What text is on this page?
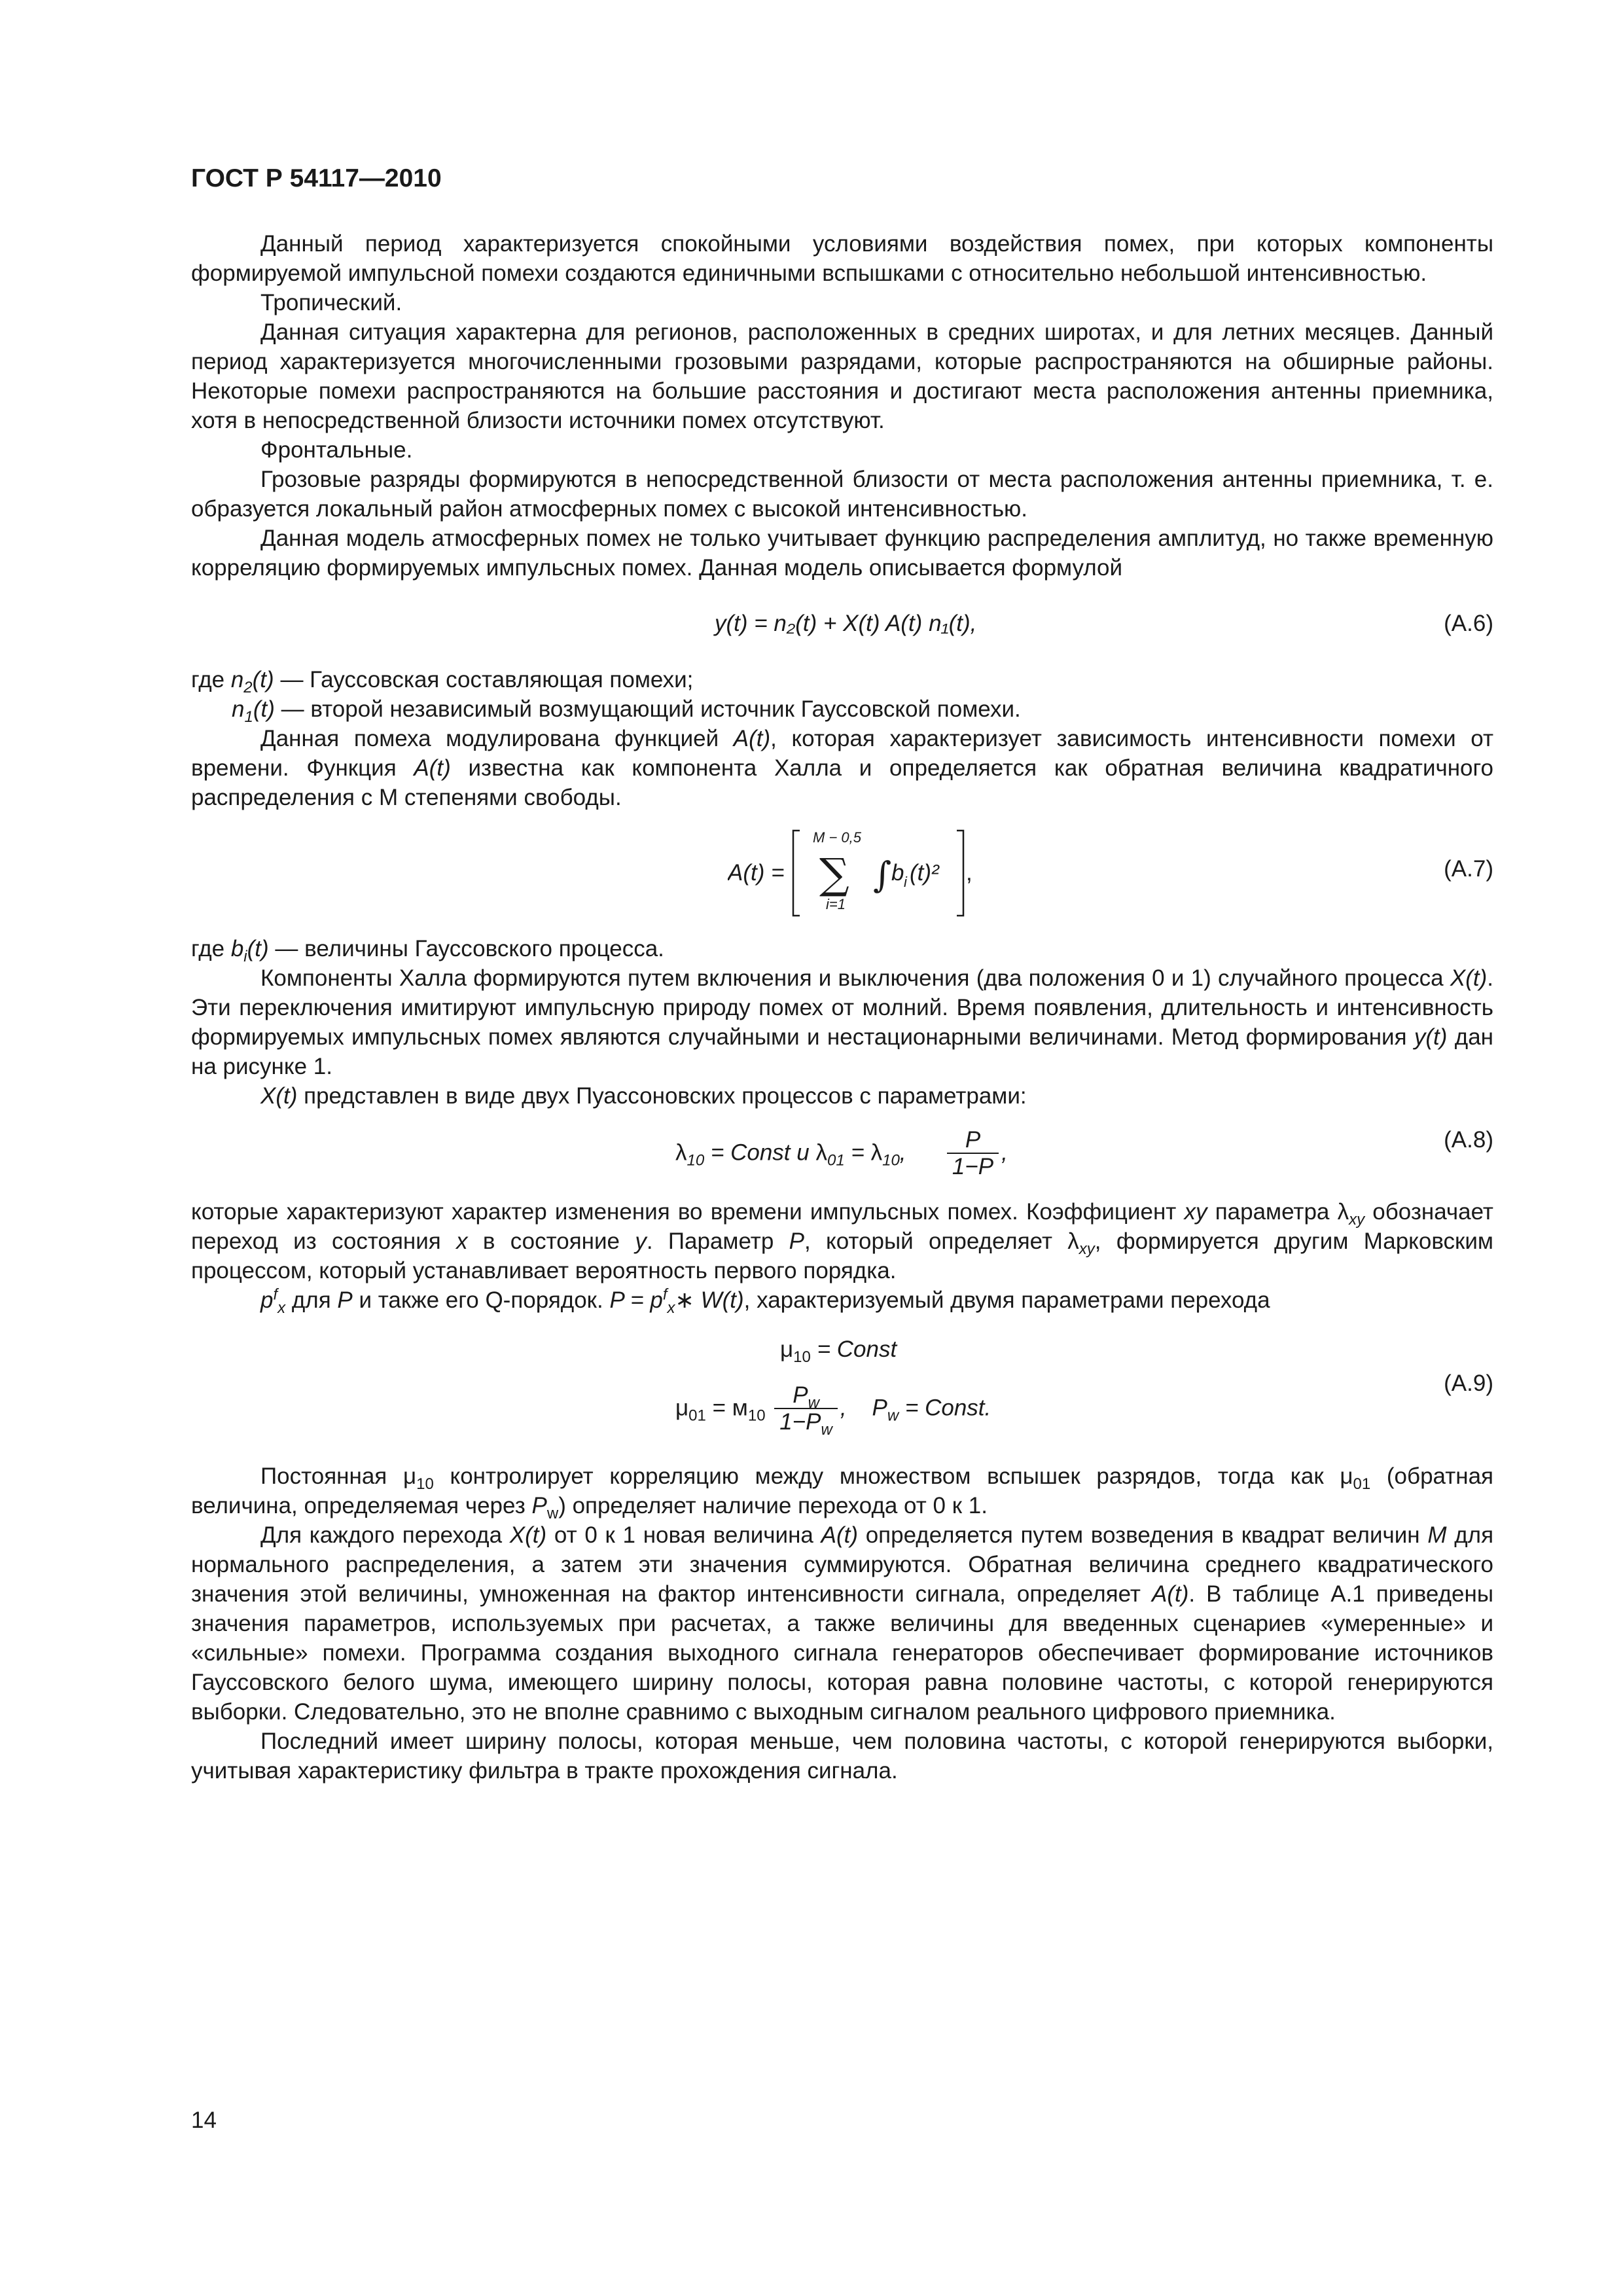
ГОСТ Р 54117—2010

Данный период характеризуется спокойными условиями воздействия помех, при которых компоненты формируемой импульсной помехи создаются единичными вспышками с относительно небольшой интенсивностью.

Тропический.

Данная ситуация характерна для регионов, расположенных в средних широтах, и для летних месяцев. Данный период характеризуется многочисленными грозовыми разрядами, которые распространяются на обширные районы. Некоторые помехи распространяются на большие расстояния и достигают места расположения антенны приемника, хотя в непосредственной близости источники помех отсутствуют.

Фронтальные.

Грозовые разряды формируются в непосредственной близости от места расположения антенны приемника, т. е. образуется локальный район атмосферных помех с высокой интенсивностью.

Данная модель атмосферных помех не только учитывает функцию распределения амплитуд, но также временную корреляцию формируемых импульсных помех. Данная модель описывается формулой

y(t) = n₂(t) + X(t) A(t) n₁(t),	(А.6)

где $n_2(t)$ — Гауссовская составляющая помехи;

$n_1(t)$ — второй независимый возмущающий источник Гауссовской помехи.

Данная помеха модулирована функцией A(t), которая характеризует зависимость интенсивности помехи от времени. Функция A(t) известна как компонента Халла и определяется как обратная величина квадратичного распределения с М степенями свободы.

A(t) =
M − 0,5
∑
i=1
∫ b i (t)² ,	(А.7)

где $b_i(t)$ — величины Гауссовского процесса.

Компоненты Халла формируются путем включения и выключения (два положения 0 и 1) случайного процесса X(t). Эти переключения имитируют импульсную природу помех от молний. Время появления, длительность и интенсивность формируемых импульсных помех являются случайными и нестационарными величинами. Метод формирования y(t) дан на рисунке 1.

X(t) представлен в виде двух Пуассоновских процессов с параметрами:

$\lambda_{10}$ = Const u $\lambda_{01} = \lambda_{10}$, $\frac{P}{1-P}$ ,	(А.8)

которые характеризуют характер изменения во времени импульсных помех. Коэффициент xy параметра $\lambda_{xy}$ обозначает переход из состояния x в состояние y. Параметр P, который определяет $\lambda_{xy}$, формируется другим Марковским процессом, который устанавливает вероятность первого порядка.

$p^f_x$ для P и также его Q-порядок. $P = p^f_x∗$ W(t), характеризуемый двумя параметрами перехода

$\mu_{10}$ = Const
$\mu_{01} = м_{10} \frac{P_w}{1-P_w}$ ,    $P_w$ = Const.
(А.9)

Постоянная $\mu_{10}$ контролирует корреляцию между множеством вспышек разрядов, тогда как $\mu_{01}$ (обратная величина, определяемая через $P_w$) определяет наличие перехода от 0 к 1.

Для каждого перехода X(t) от 0 к 1 новая величина A(t) определяется путем возведения в квадрат величин M для нормального распределения, а затем эти значения суммируются. Обратная величина среднего квадратического значения этой величины, умноженная на фактор интенсивности сигнала, определяет A(t). В таблице А.1 приведены значения параметров, используемых при расчетах, а также величины для введенных сценариев «умеренные» и «сильные» помехи. Программа создания выходного сигнала генераторов обеспечивает формирование источников Гауссовского белого шума, имеющего ширину полосы, которая равна половине частоты, с которой генерируются выборки. Следовательно, это не вполне сравнимо с выходным сигналом реального цифрового приемника.

Последний имеет ширину полосы, которая меньше, чем половина частоты, с которой генерируются выборки, учитывая характеристику фильтра в тракте прохождения сигнала.

14
